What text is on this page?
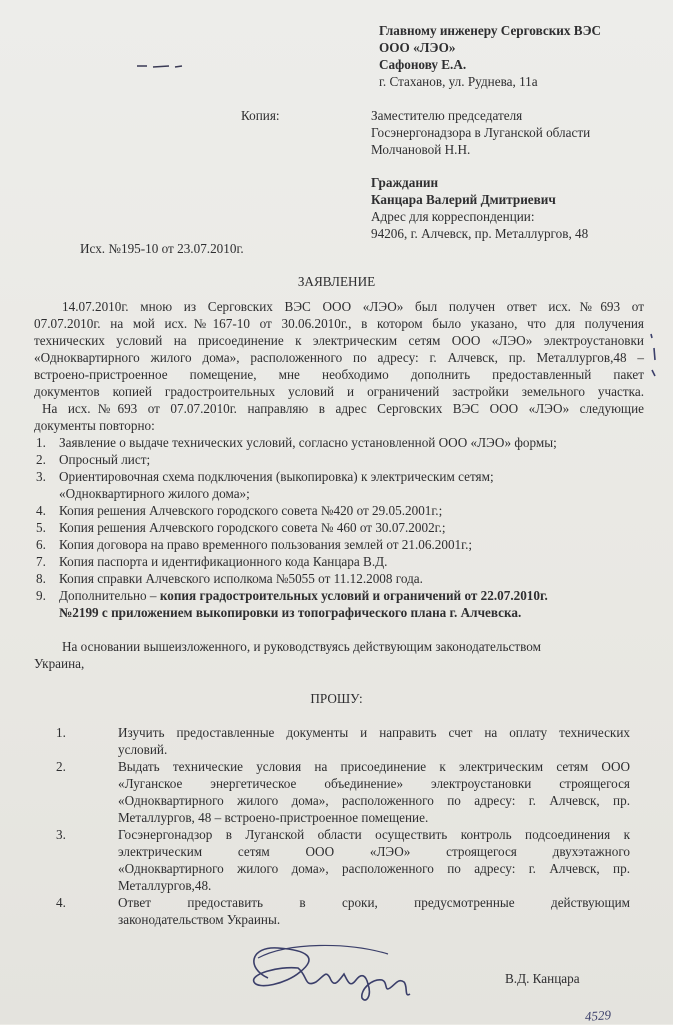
Главному инженеру Серговских ВЭС
ООО «ЛЭО»
Сафонову Е.А.
г. Стаханов, ул. Руднева, 11а
Копия:	Заместителю председателя
Госэнергонадзора в Луганской области
Молчановой Н.Н.
Гражданин
Канцара Валерий Дмитриевич
Адрес для корреспонденции:
94206, г. Алчевск, пр. Металлургов, 48
Исх. №195-10 от 23.07.2010г.
ЗАЯВЛЕНИЕ
14.07.2010г. мною из Серговских ВЭС ООО «ЛЭО» был получен ответ исх.№693 от
07.07.2010г. на мой исх.№167-10 от 30.06.2010г., в котором было указано, что для получения
технических условий на присоединение к электрическим сетям ООО «ЛЭО» электроустановки
«Одноквартирного жилого дома», расположенного по адресу: г. Алчевск, пр. Металлургов,48 –
встроено-пристроенное помещение, мне необходимо дополнить предоставленный пакет
документов копией градостроительных условий и ограничений застройки земельного участка.
На исх.№693 от 07.07.2010г. направляю в адрес Серговских ВЭС ООО «ЛЭО» следующие
документы повторно:
1. Заявление о выдаче технических условий, согласно установленной ООО «ЛЭО» формы;
2. Опросный лист;
3. Ориентировочная схема подключения (выкопировка) к электрическим сетям;
«Одноквартирного жилого дома»;
4. Копия решения Алчевского городского совета №420 от 29.05.2001г.;
5. Копия решения Алчевского городского совета № 460 от 30.07.2002г.;
6. Копия договора на право временного пользования землей от 21.06.2001г.;
7. Копия паспорта и идентификационного кода Канцара В.Д.
8. Копия справки Алчевского исполкома №5055 от 11.12.2008 года.
9. Дополнительно – копия градостроительных условий и ограничений от 22.07.2010г.
№2199 с приложением выкопировки из топографического плана г. Алчевска.
На основании вышеизложенного, и руководствуясь действующим законодательством
Украина,
ПРОШУ:
1.	Изучить предоставленные документы и направить счет на оплату технических
условий.
2.	Выдать технические условия на присоединение к электрическим сетям ООО
«Луганское энергетическое объединение» электроустановки строящегося
«Одноквартирного жилого дома», расположенного по адресу: г. Алчевск, пр.
Металлургов, 48 – встроено-пристроенное помещение.
3.	Госэнергонадзор в Луганской области осуществить контроль подсоединения к
электрическим сетям ООО «ЛЭО» строящегося двухэтажного
«Одноквартирного жилого дома», расположенного по адресу: г. Алчевск, пр.
Металлургов,48.
4.	Ответ предоставить в сроки, предусмотренные действующим
законодательством Украины.
В.Д. Канцара
4529
